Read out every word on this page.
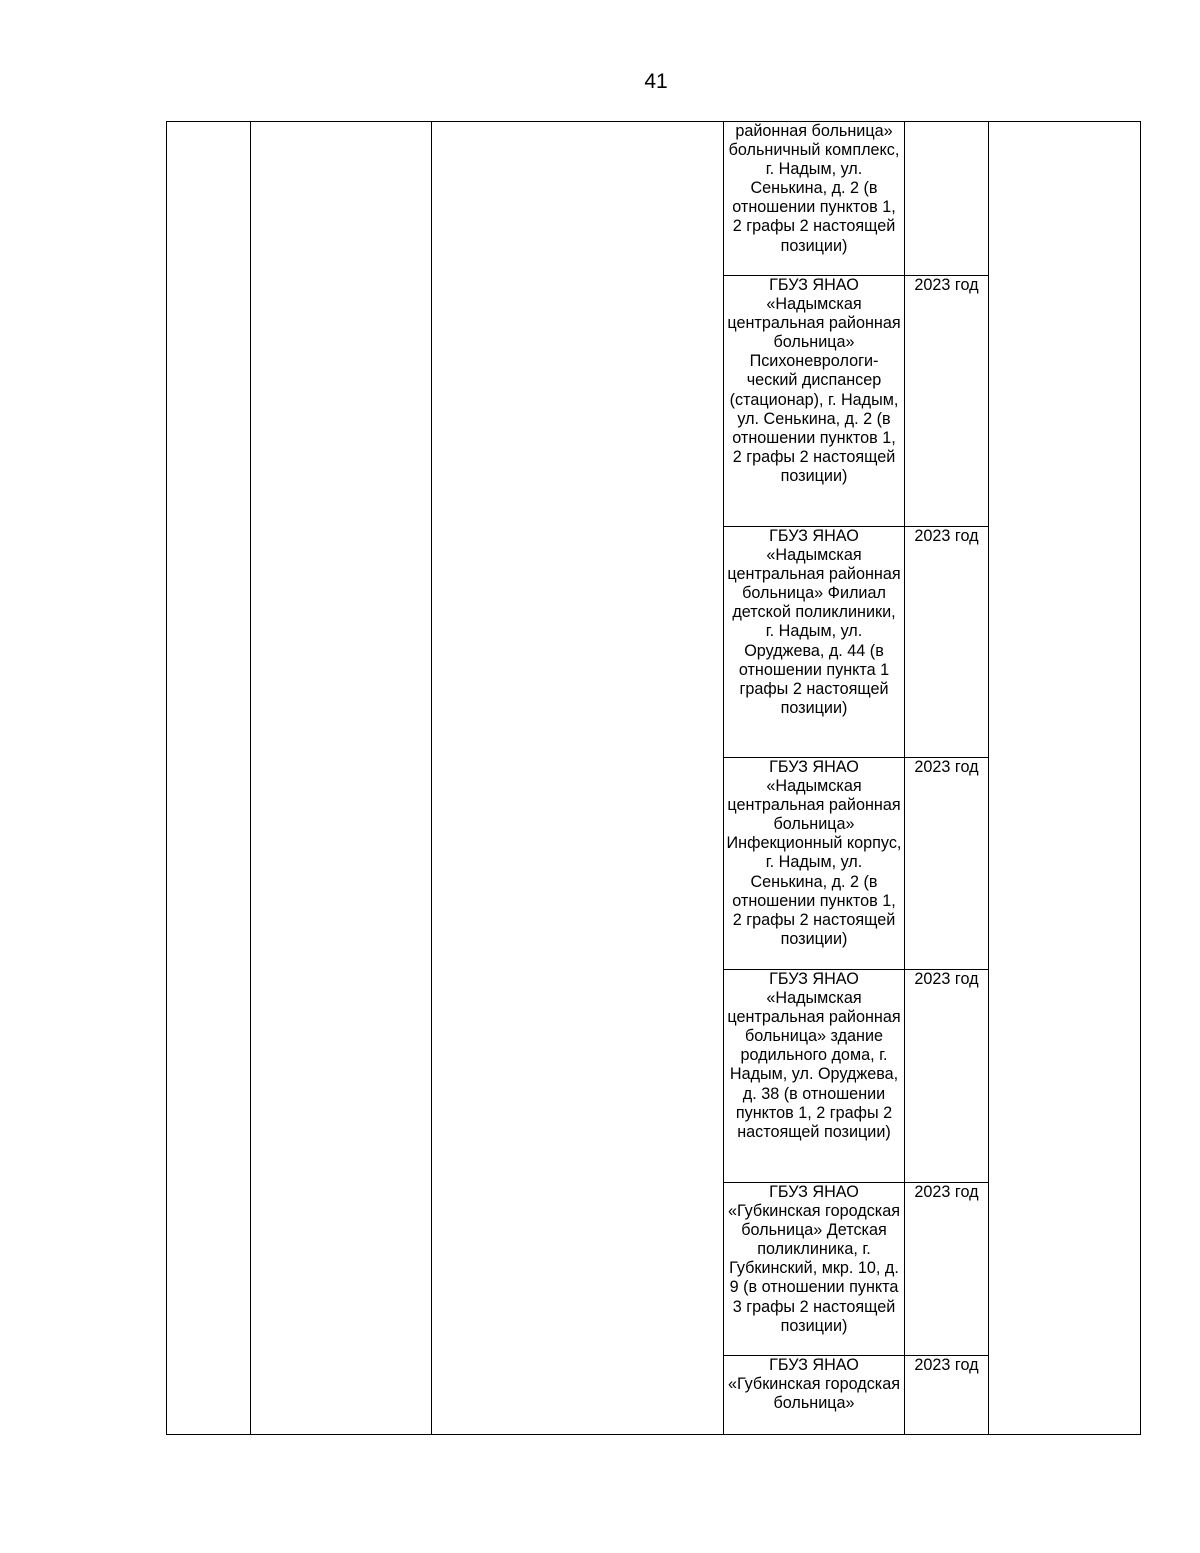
41
			районная больница» больничный комплекс, г. Надым, ул. Сенькина, д. 2 (в отношении пунктов 1, 2 графы 2 настоящей позиции)		
			ГБУЗ ЯНАО «Надымская центральная районная больница» Психоневрологи-ческий диспансер (стационар), г. Надым, ул. Сенькина, д. 2 (в отношении пунктов 1, 2 графы 2 настоящей позиции)	2023 год	
			ГБУЗ ЯНАО «Надымская центральная районная больница» Филиал детской поликлиники, г. Надым, ул. Оруджева, д. 44 (в отношении пункта 1 графы 2 настоящей позиции)	2023 год	
			ГБУЗ ЯНАО «Надымская центральная районная больница» Инфекционный корпус, г. Надым, ул. Сенькина, д. 2 (в отношении пунктов 1, 2 графы 2 настоящей позиции)	2023 год	
			ГБУЗ ЯНАО «Надымская центральная районная больница» здание родильного дома, г. Надым, ул. Оруджева, д. 38 (в отношении пунктов 1, 2 графы 2 настоящей позиции)	2023 год	
			ГБУЗ ЯНАО «Губкинская городская больница» Детская поликлиника, г. Губкинский, мкр. 10, д. 9 (в отношении пункта 3 графы 2 настоящей позиции)	2023 год	
			ГБУЗ ЯНАО «Губкинская городская больница»	2023 год	
